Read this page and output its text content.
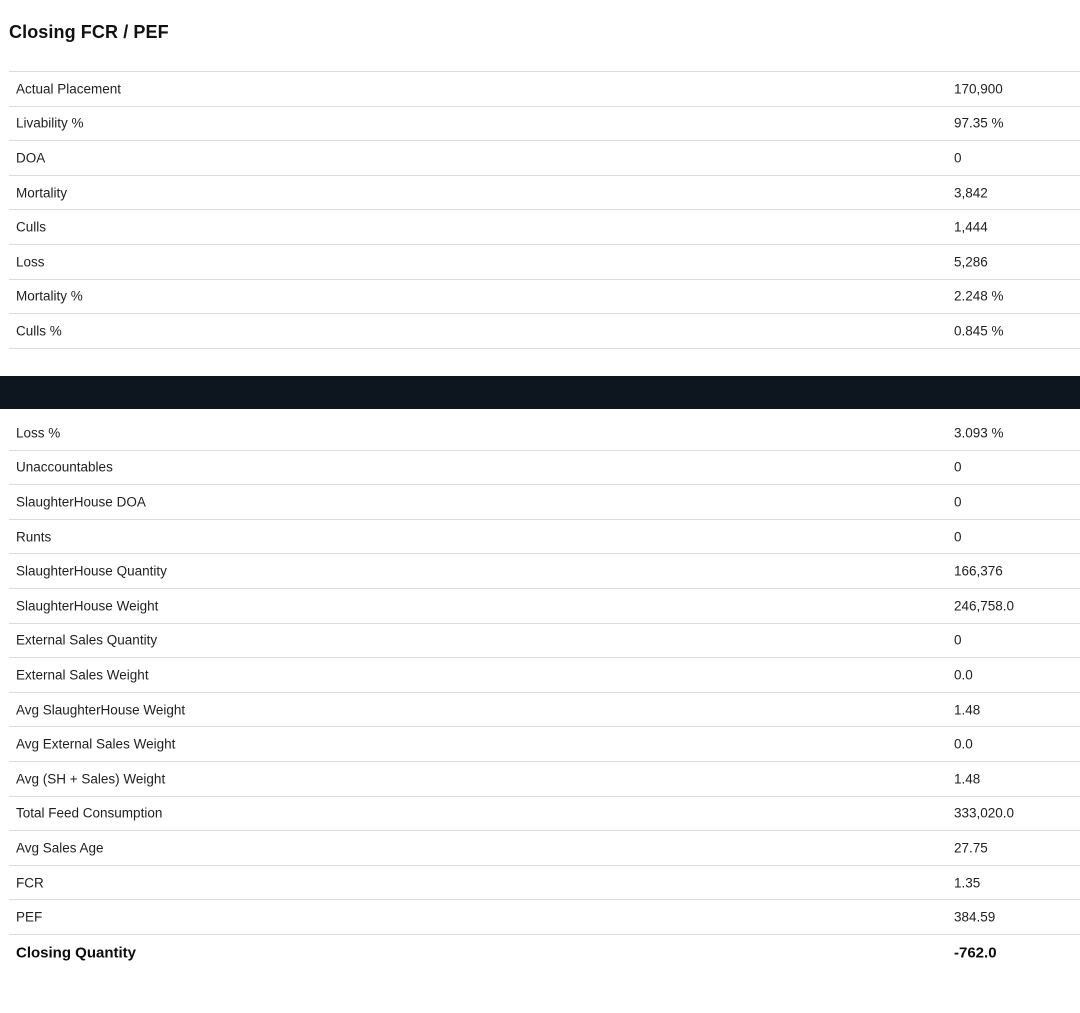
Closing FCR / PEF
Actual Placement	170,900
Livability %	97.35 %
DOA	0
Mortality	3,842
Culls	1,444
Loss	5,286
Mortality %	2.248 %
Culls %	0.845 %
Loss %	3.093 %
Unaccountables	0
SlaughterHouse DOA	0
Runts	0
SlaughterHouse Quantity	166,376
SlaughterHouse Weight	246,758.0
External Sales Quantity	0
External Sales Weight	0.0
Avg SlaughterHouse Weight	1.48
Avg External Sales Weight	0.0
Avg (SH + Sales) Weight	1.48
Total Feed Consumption	333,020.0
Avg Sales Age	27.75
FCR	1.35
PEF	384.59
Closing Quantity	-762.0
